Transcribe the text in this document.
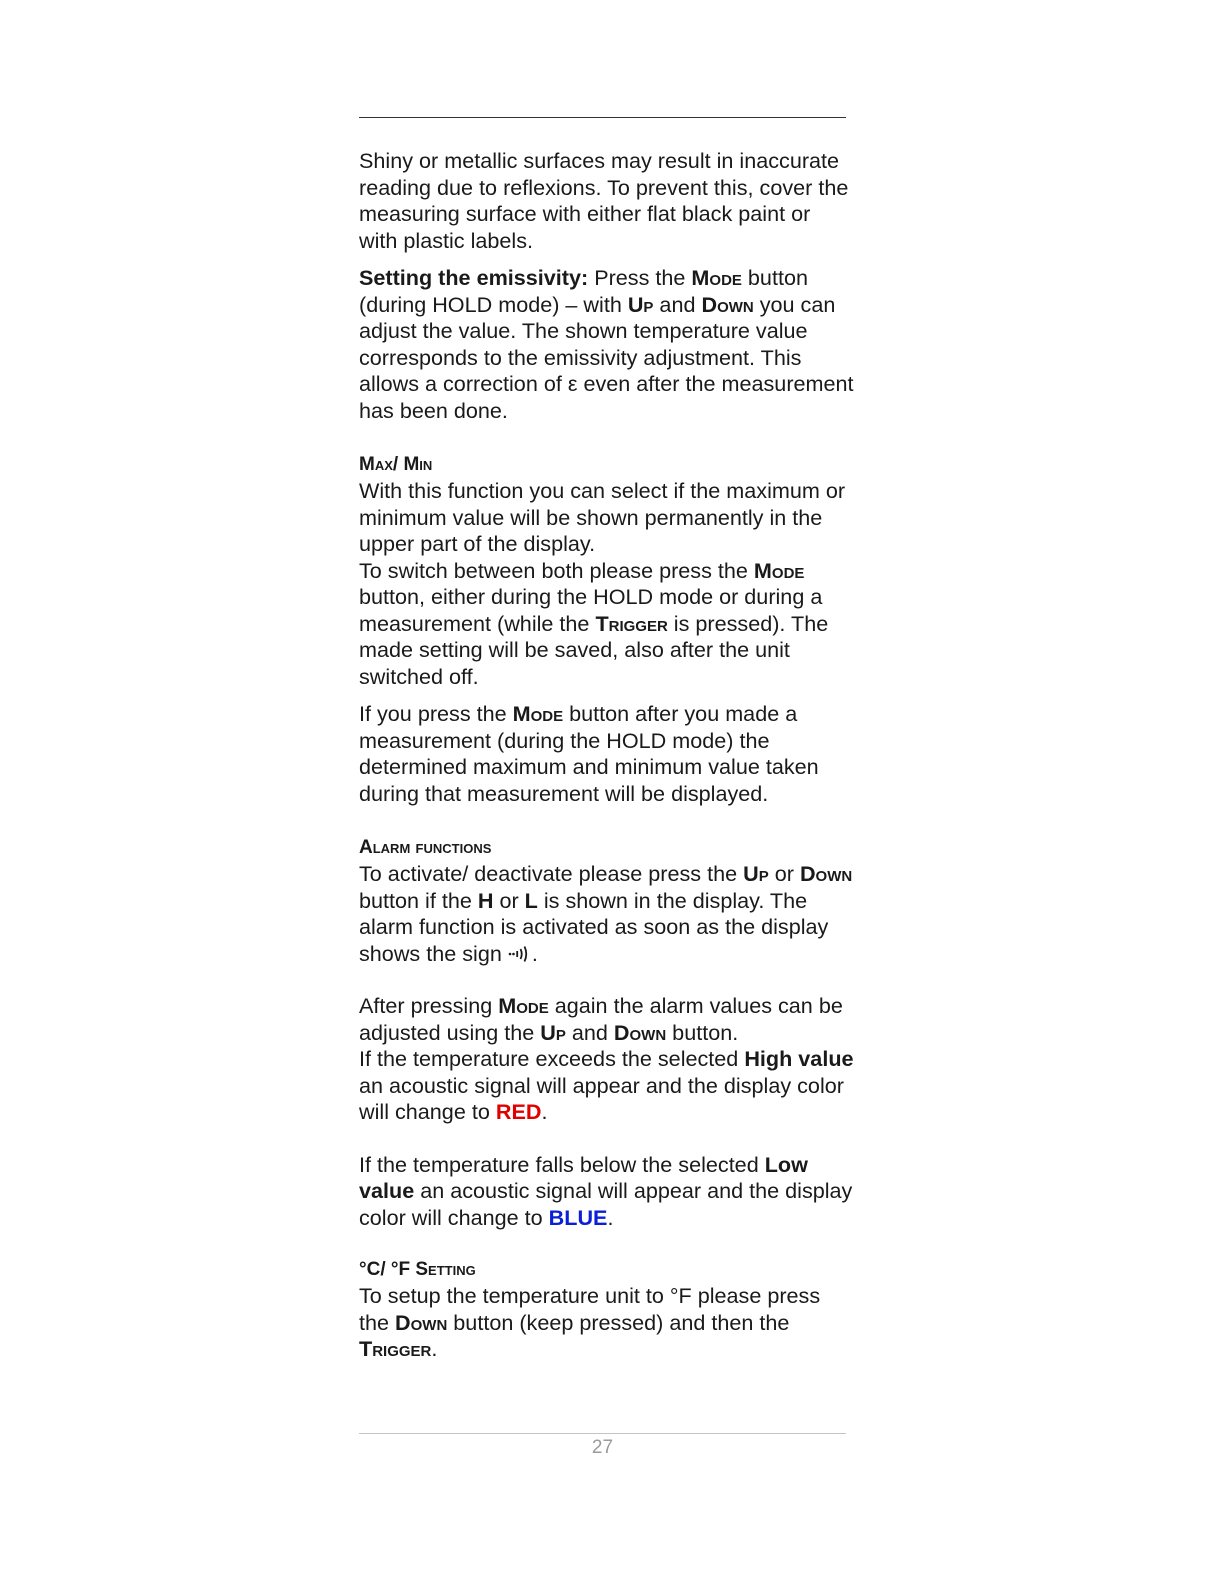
Shiny or metallic surfaces may result in inaccurate reading due to reflexions. To prevent this, cover the measuring surface with either flat black paint or with plastic labels.

Setting the emissivity: Press the Mode button (during HOLD mode) – with Up and Down you can adjust the value. The shown temperature value corresponds to the emissivity adjustment. This allows a correction of ε even after the measurement has been done.

Max/ Min

With this function you can select if the maximum or minimum value will be shown permanently in the upper part of the display.

To switch between both please press the Mode button, either during the HOLD mode or during a measurement (while the Trigger is pressed). The made setting will be saved, also after the unit switched off.

If you press the Mode button after you made a measurement (during the HOLD mode) the determined maximum and minimum value taken during that measurement will be displayed.

Alarm functions

To activate/ deactivate please press the Up or Down button if the H or L is shown in the display. The alarm function is activated as soon as the display shows the sign .

After pressing Mode again the alarm values can be adjusted using the Up and Down button.

If the temperature exceeds the selected High value an acoustic signal will appear and the display color will change to RED.

If the temperature falls below the selected Low value an acoustic signal will appear and the display color will change to BLUE.

°C/ °F Setting

To setup the temperature unit to °F please press the Down button (keep pressed) and then the Trigger.

27
